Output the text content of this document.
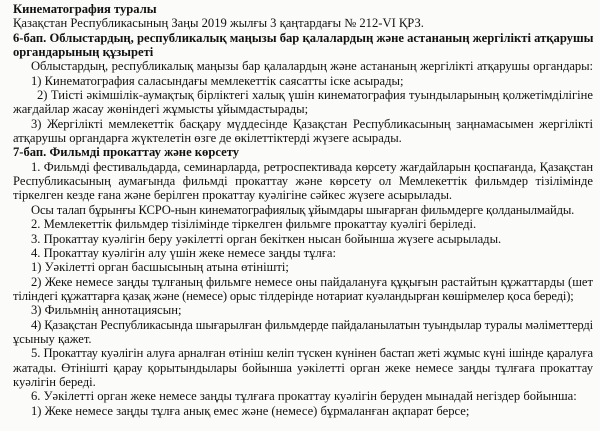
Кинематография туралы
Қазақстан Республикасының Заңы 2019 жылғы 3 қаңтардағы № 212-VI ҚРЗ.
6-бап. Облыстардың, республикалық маңызы бар қалалардың және астананың жергілікті атқарушы
органдарының құзыреті
Облыстардың, республикалық маңызы бар қалалардың және астананың жергілікті атқарушы органдары:
1) Кинематография саласындағы мемлекеттік саясатты іске асырады;
2) Тиісті әкімшілік-аумақтық бірліктегі халық үшін кинематография туындыларының қолжетімділігіне
жағдайлар жасау жөніндегі жұмысты ұйымдастырады;
3) Жергілікті мемлекеттік басқару мүддесінде Қазақстан Республикасының заңнамасымен жергілікті
атқарушы органдарға жүктелетін өзге де өкілеттіктерді жүзеге асырады.
7-бап. Фильмді прокаттау және көрсету
1. Фильмді фестивальдарда, семинарларда, ретроспективада көрсету жағдайларын қоспағанда, Қазақстан
Республикасының аумағында фильмді прокаттау және көрсету ол Мемлекеттік фильмдер тізілімінде
тіркелген кезде ғана және берілген прокаттау куәлігіне сәйкес жүзеге асырылады.
Осы талап бұрынғы КСРО-нын кинематографиялық ұйымдары шығарған фильмдерге қолданылмайды.
2. Мемлекеттік фильмдер тізілімінде тіркелген фильмге прокаттау куәлігі беріледі.
3. Прокаттау куәлігін беру уәкілетті орган бекіткен нысан бойынша жүзеге асырылады.
4. Прокаттау куәлігін алу үшін жеке немесе заңды тұлға:
1) Уәкілетті орган басшысының атына өтінішті;
2) Жеке немесе заңды тұлғаның фильмге немесе оны пайдалануға құқығын растайтын құжаттарды (шет
тіліндегі құжаттарға қазақ және (немесе) орыс тілдерінде нотариат куәландырған көшірмелер қоса береді);
3) Фильмнің аннотациясын;
4) Қазақстан Республикасында шығарылған фильмдерде пайдаланылатын туындылар туралы мәліметтерді
ұсыныу қажет.
5. Прокаттау куәлігін алуға арналған өтініш келіп түскен күнінен бастап жеті жұмыс күні ішінде қаралуға
жатады. Өтінішті қарау қорытындылары бойынша уәкілетті орган жеке немесе заңды тұлғаға прокаттау
куәлігін береді.
6. Уәкілетті орган жеке немесе заңды тұлғаға прокаттау куәлігін беруден мынадай негіздер бойынша:
1) Жеке немесе заңды тұлға анық емес және (немесе) бұрмаланған ақпарат берсе;
